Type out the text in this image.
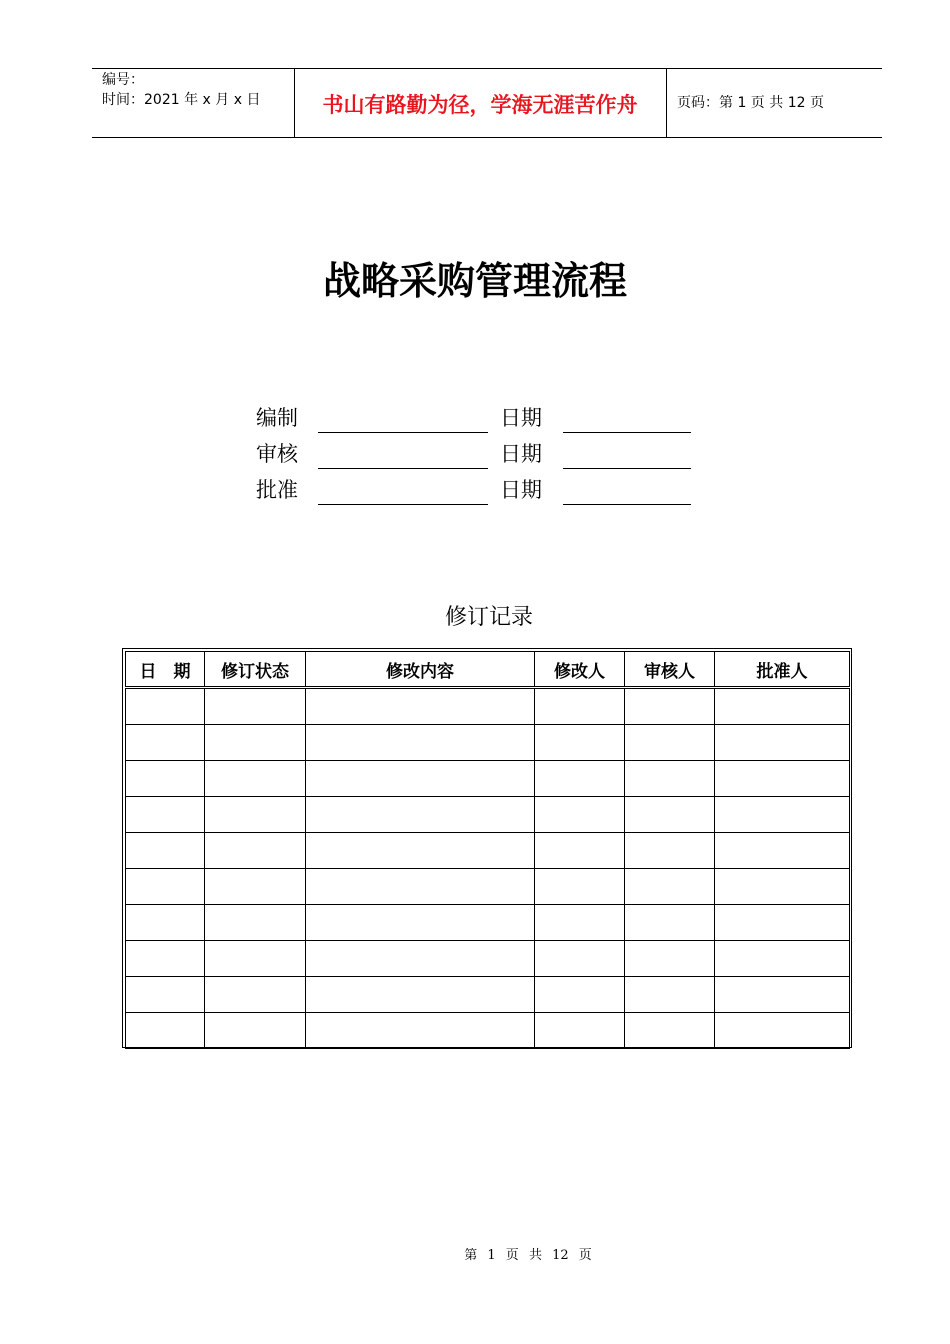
编号：
时间：2021 年 x 月 x 日	书山有路勤为径，学海无涯苦作舟	页码：第 1 页 共 12 页
战略采购管理流程
编制	日期
审核	日期
批准	日期
修订记录
日　期	修订状态	修改内容	修改人	审核人	批准人

第 1 页 共 12 页
